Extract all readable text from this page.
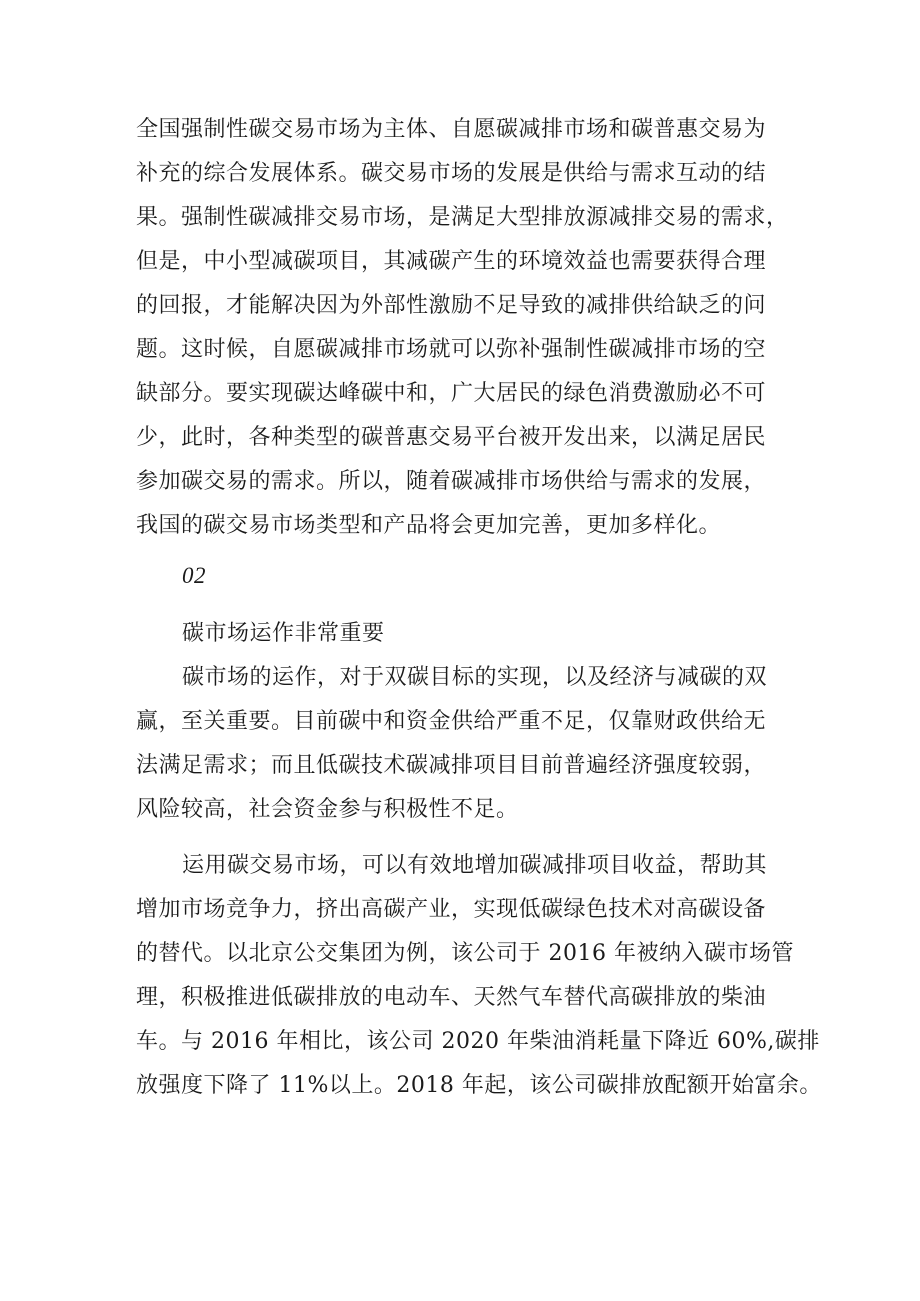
全国强制性碳交易市场为主体、自愿碳减排市场和碳普惠交易为
补充的综合发展体系。碳交易市场的发展是供给与需求互动的结
果。强制性碳减排交易市场，是满足大型排放源减排交易的需求，
但是，中小型减碳项目，其减碳产生的环境效益也需要获得合理
的回报，才能解决因为外部性激励不足导致的减排供给缺乏的问
题。这时候，自愿碳减排市场就可以弥补强制性碳减排市场的空
缺部分。要实现碳达峰碳中和，广大居民的绿色消费激励必不可
少，此时，各种类型的碳普惠交易平台被开发出来，以满足居民
参加碳交易的需求。所以，随着碳减排市场供给与需求的发展，
我国的碳交易市场类型和产品将会更加完善，更加多样化。
02
碳市场运作非常重要
碳市场的运作，对于双碳目标的实现，以及经济与减碳的双
赢，至关重要。目前碳中和资金供给严重不足，仅靠财政供给无
法满足需求；而且低碳技术碳减排项目目前普遍经济强度较弱，
风险较高，社会资金参与积极性不足。
运用碳交易市场，可以有效地增加碳减排项目收益，帮助其
增加市场竞争力，挤出高碳产业，实现低碳绿色技术对高碳设备
的替代。以北京公交集团为例，该公司于 2016 年被纳入碳市场管
理，积极推进低碳排放的电动车、天然气车替代高碳排放的柴油
车。与 2016 年相比，该公司 2020 年柴油消耗量下降近 60%,碳排
放强度下降了 11%以上。2018 年起，该公司碳排放配额开始富余。
